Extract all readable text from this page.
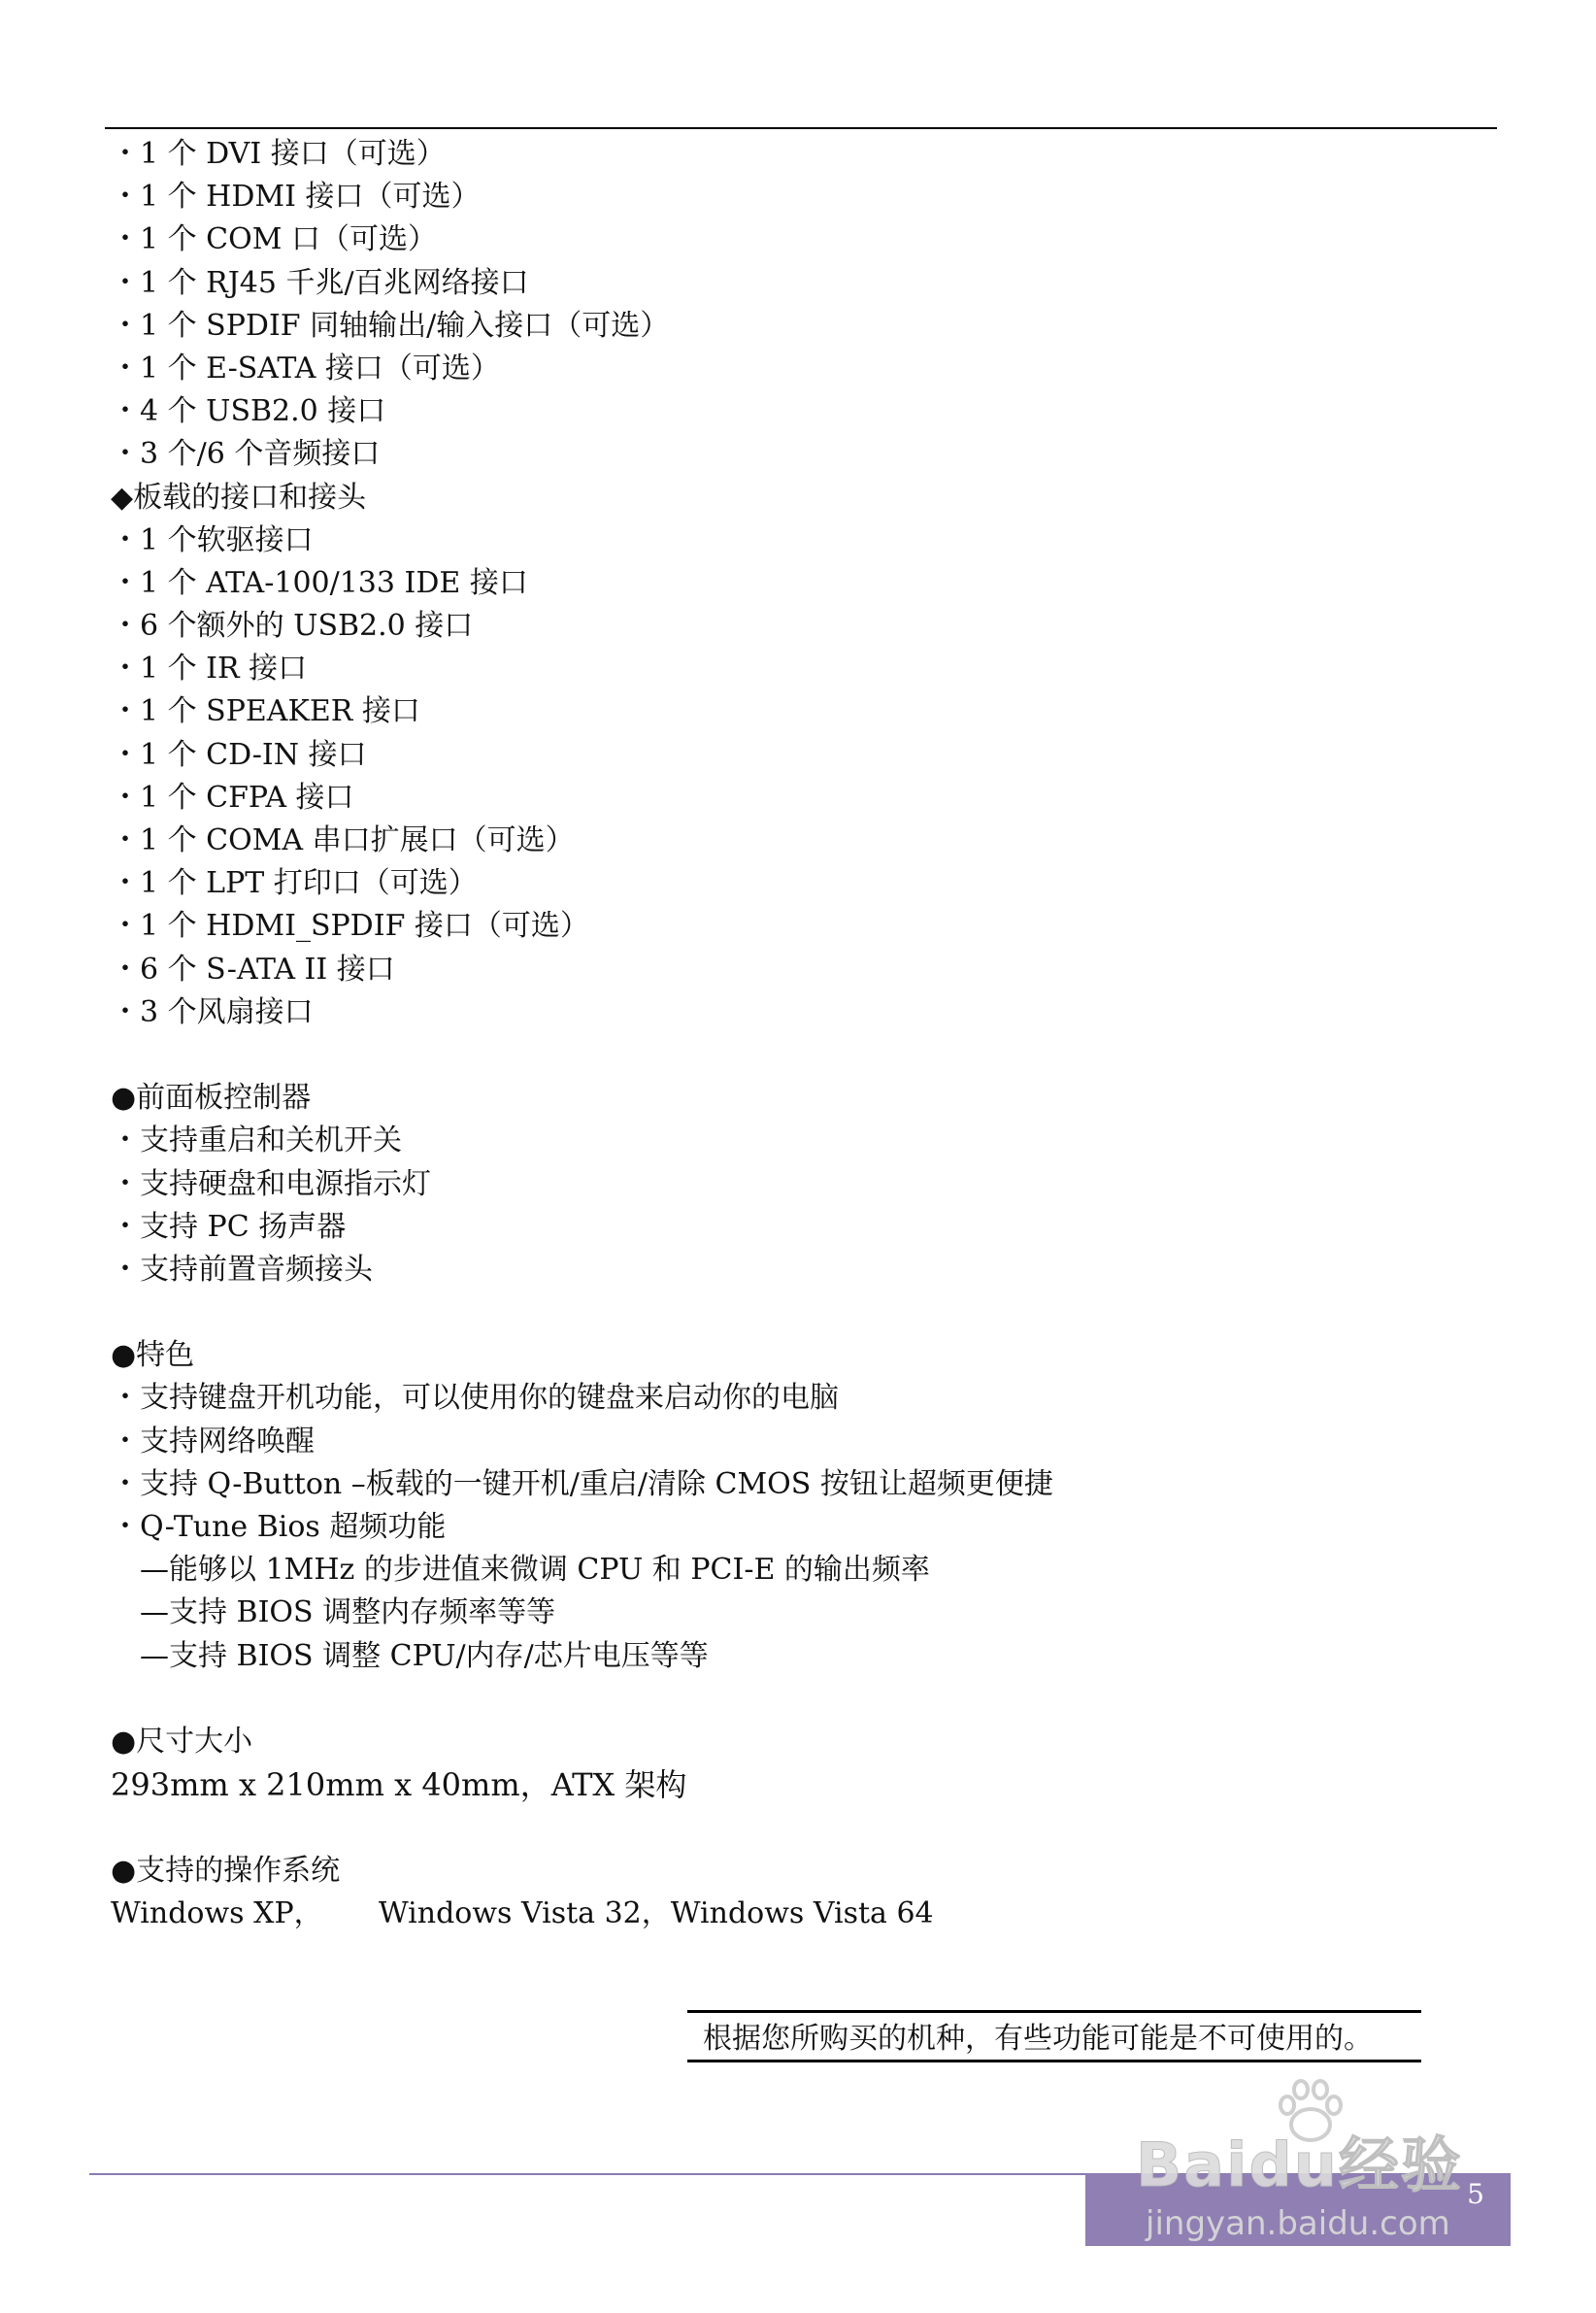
・1 个 DVI 接口（可选）
・1 个 HDMI 接口（可选）
・1 个 COM 口（可选）
・1 个 RJ45 千兆/百兆网络接口
・1 个 SPDIF 同轴输出/输入接口（可选）
・1 个 E-SATA 接口（可选）
・4 个 USB2.0 接口
・3 个/6 个音频接口
◆板载的接口和接头
・1 个软驱接口
・1 个 ATA-100/133 IDE 接口
・6 个额外的 USB2.0 接口
・1 个 IR 接口
・1 个 SPEAKER 接口
・1 个 CD-IN 接口
・1 个 CFPA 接口
・1 个 COMA 串口扩展口（可选）
・1 个 LPT 打印口（可选）
・1 个 HDMI_SPDIF 接口（可选）
・6 个 S-ATA II 接口
・3 个风扇接口
●前面板控制器
・支持重启和关机开关
・支持硬盘和电源指示灯
・支持 PC 扬声器
・支持前置音频接头
●特色
・支持键盘开机功能，可以使用你的键盘来启动你的电脑
・支持网络唤醒
・支持 Q-Button –板载的一键开机/重启/清除 CMOS 按钮让超频更便捷
・Q-Tune Bios 超频功能
—能够以 1MHz 的步进值来微调 CPU 和 PCI-E 的输出频率
—支持 BIOS 调整内存频率等等
—支持 BIOS 调整 CPU/内存/芯片电压等等
●尺寸大小
293mm x 210mm x 40mm，ATX 架构
●支持的操作系统
Windows XP，      Windows Vista 32，Windows Vista 64
根据您所购买的机种，有些功能可能是不可使用的。
Baidu经验
jingyan.baidu.com
5
